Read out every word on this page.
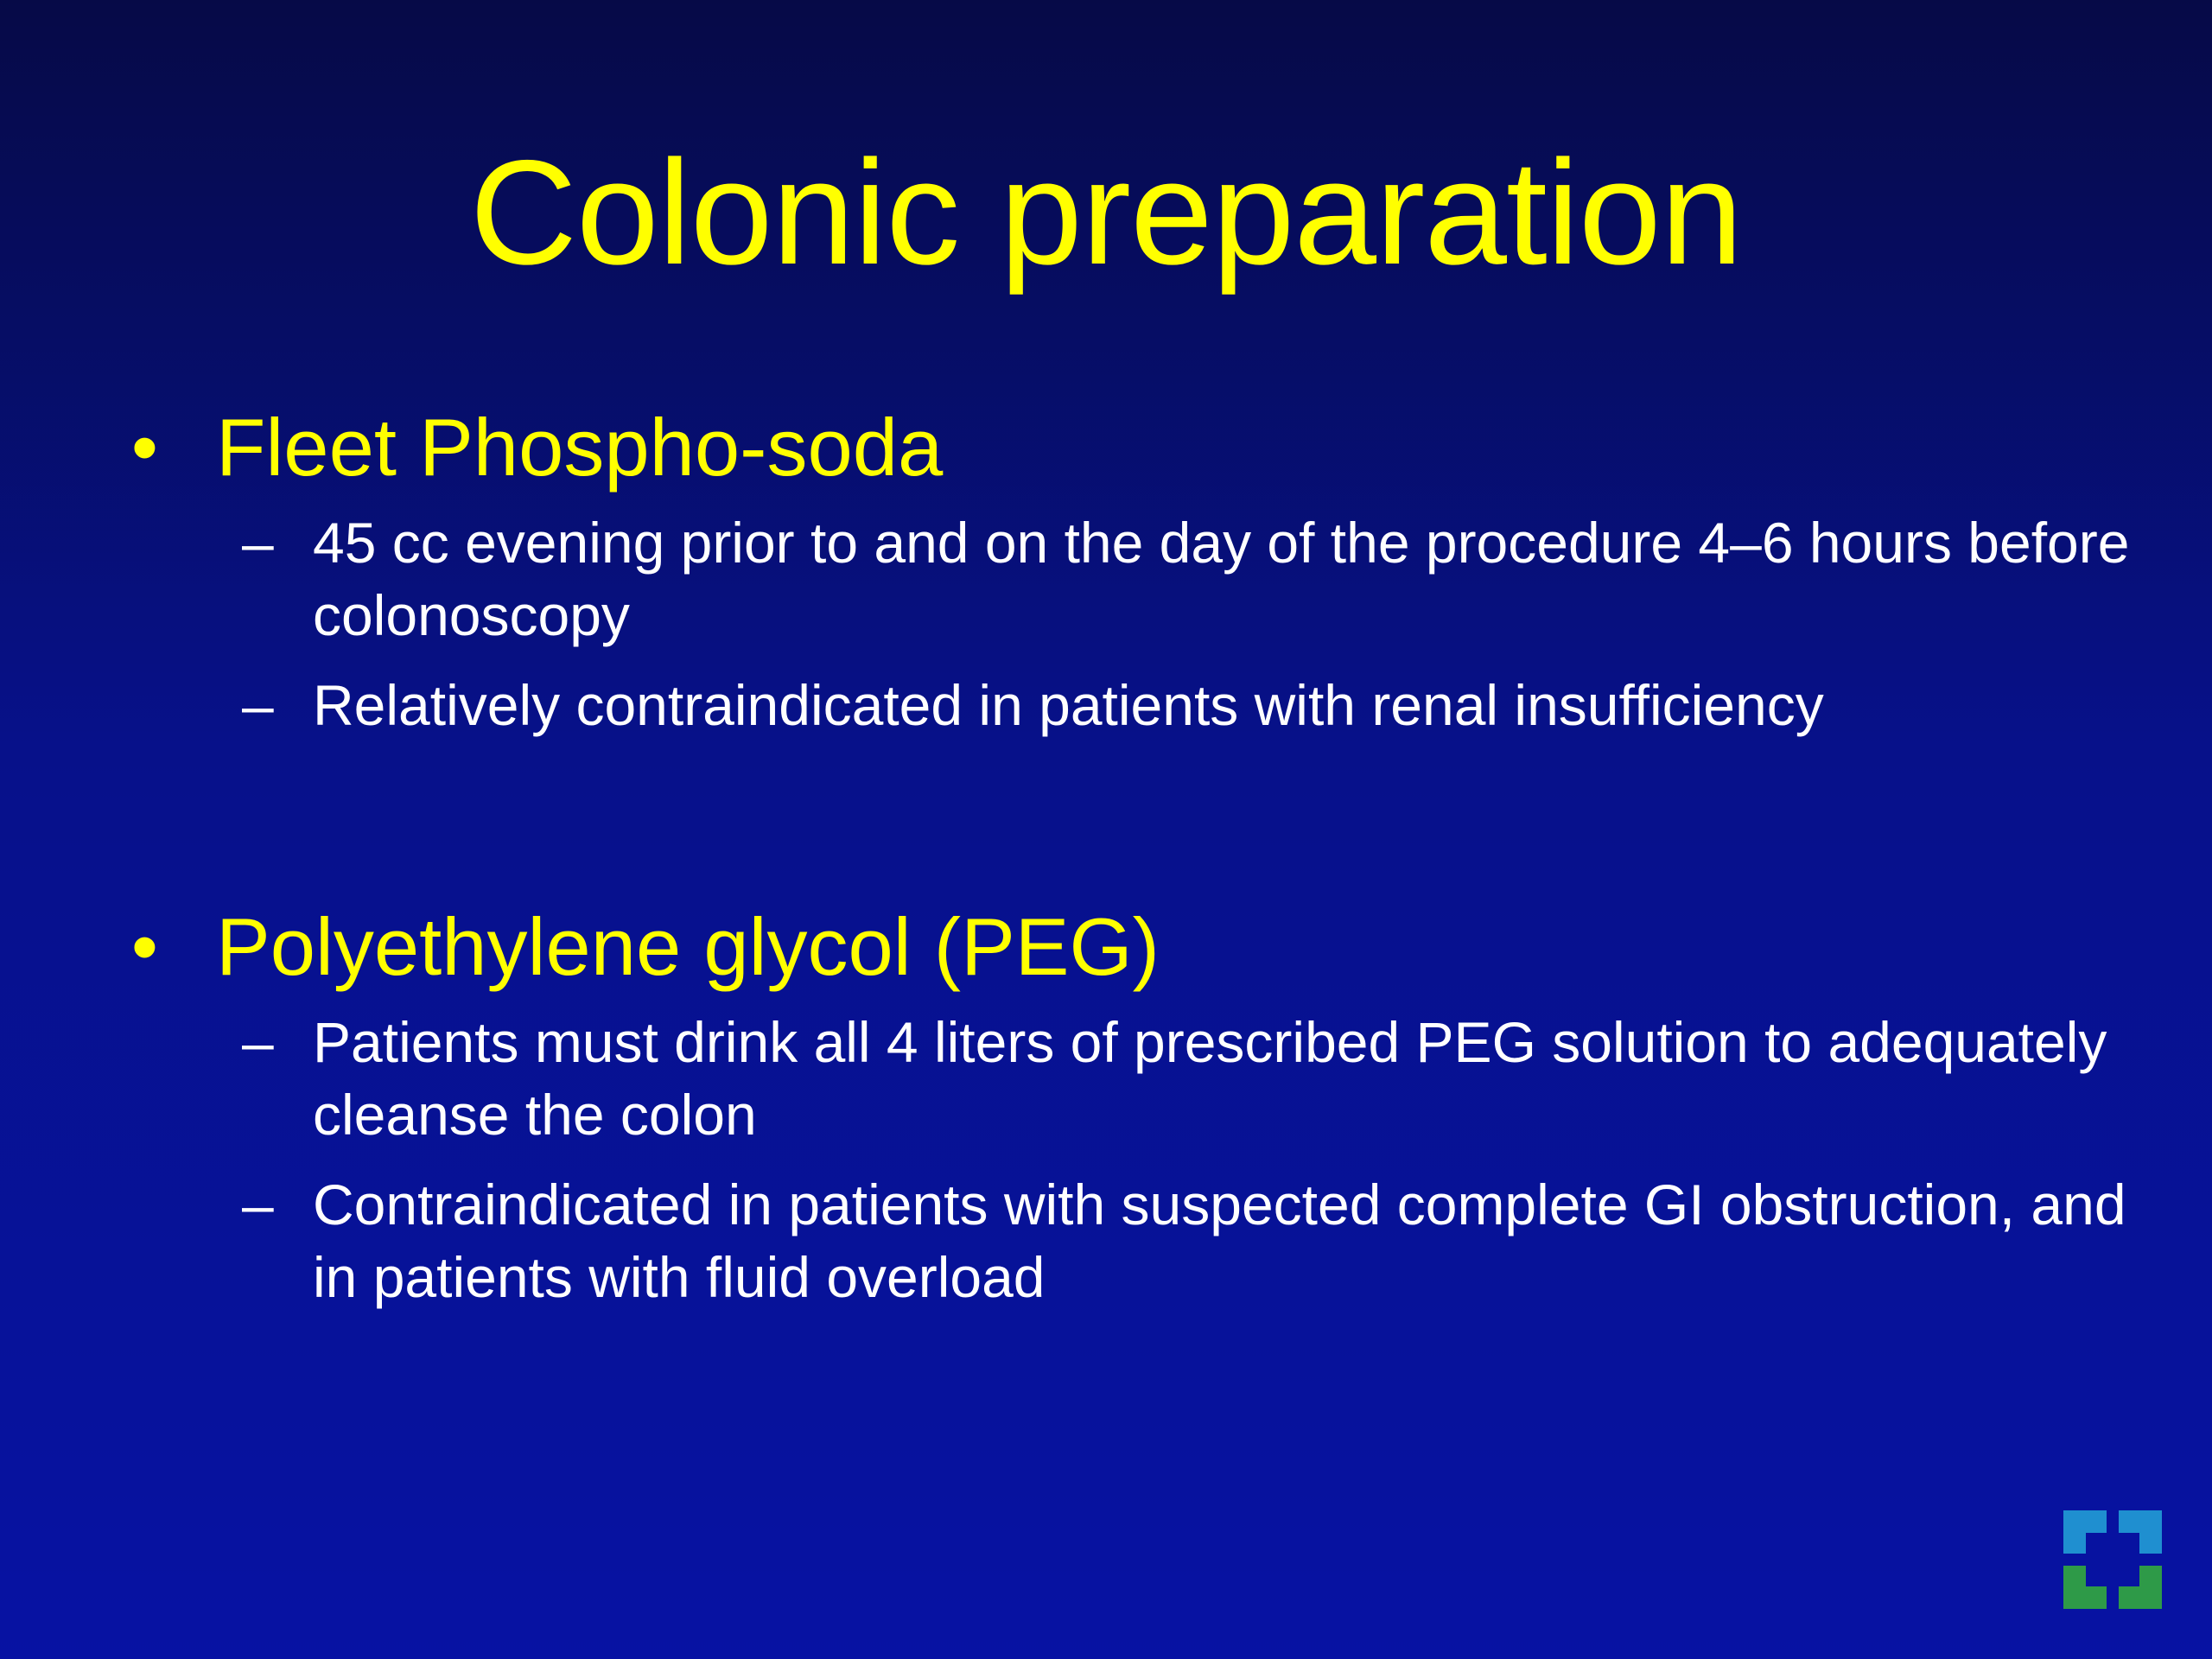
Colonic preparation
• Fleet Phospho-soda
– 45 cc evening prior to and on the day of the procedure 4–6 hours before colonoscopy
– Relatively contraindicated in patients with renal insufficiency
• Polyethylene glycol (PEG)
– Patients must drink all 4 liters of prescribed PEG solution to adequately cleanse the colon
– Contraindicated in patients with suspected complete GI obstruction, and in patients with fluid overload
